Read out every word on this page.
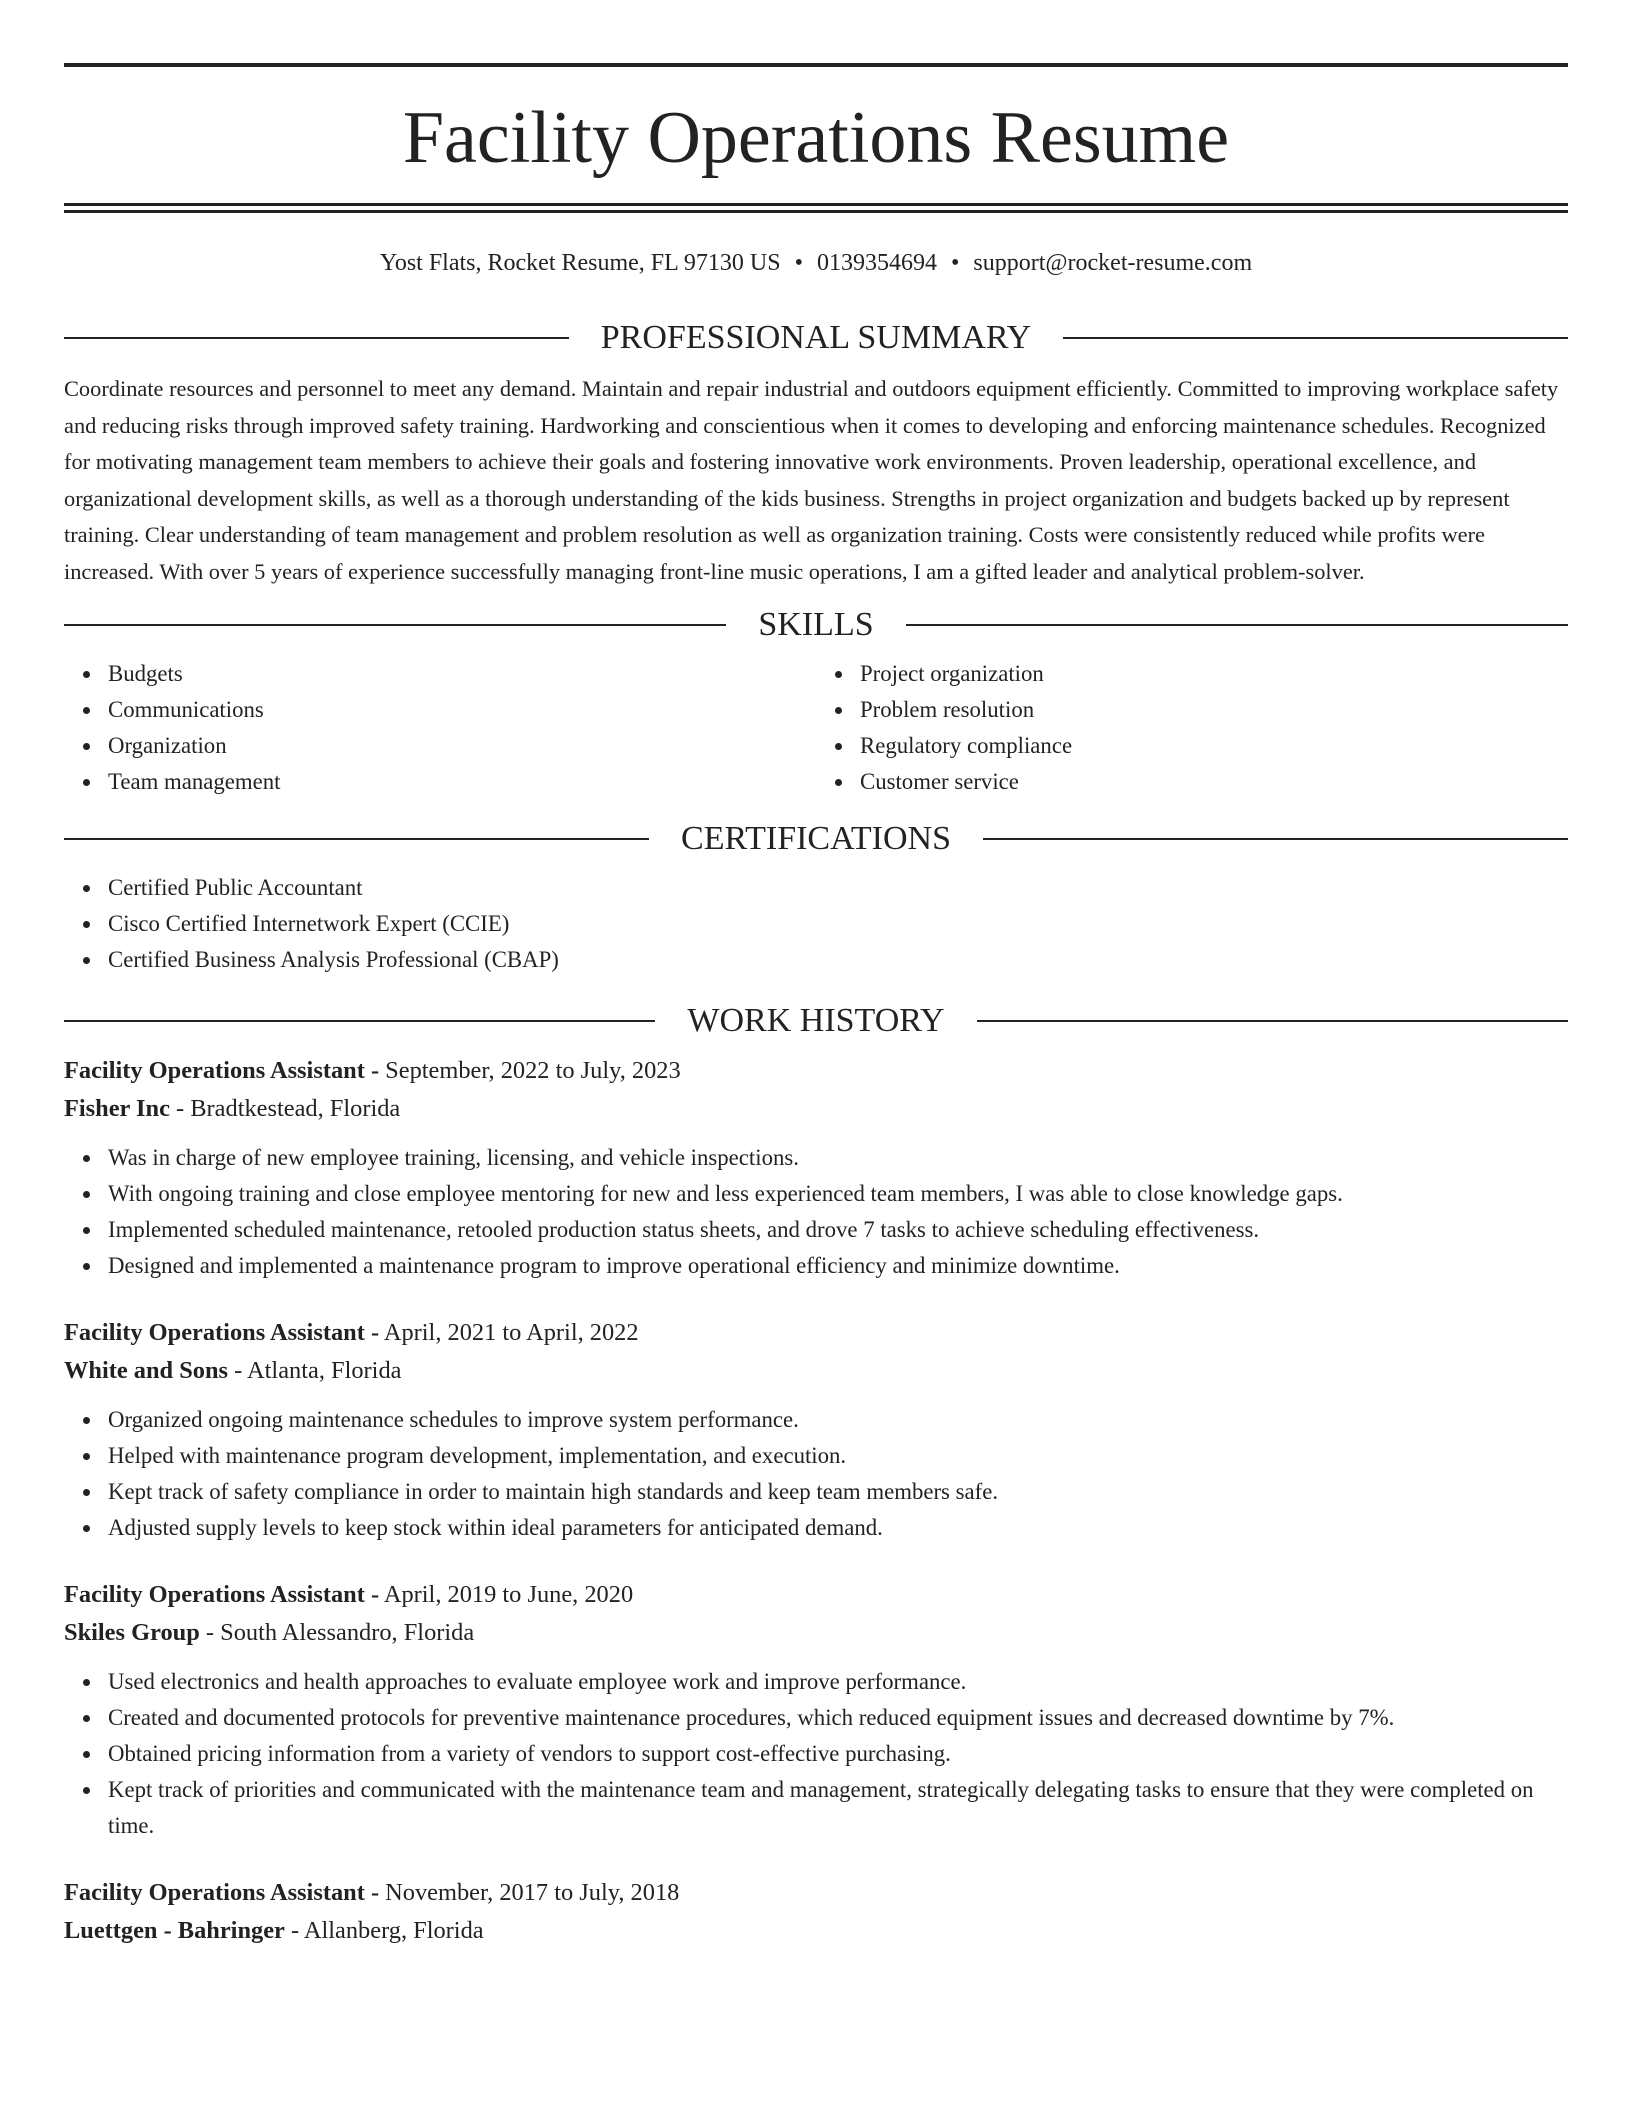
Facility Operations Resume
Yost Flats, Rocket Resume, FL 97130 US • 0139354694 • support@rocket-resume.com
PROFESSIONAL SUMMARY

Coordinate resources and personnel to meet any demand. Maintain and repair industrial and outdoors equipment efficiently. Committed to improving workplace safety and reducing risks through improved safety training. Hardworking and conscientious when it comes to developing and enforcing maintenance schedules. Recognized for motivating management team members to achieve their goals and fostering innovative work environments. Proven leadership, operational excellence, and organizational development skills, as well as a thorough understanding of the kids business. Strengths in project organization and budgets backed up by represent training. Clear understanding of team management and problem resolution as well as organization training. Costs were consistently reduced while profits were increased. With over 5 years of experience successfully managing front-line music operations, I am a gifted leader and analytical problem-solver.

SKILLS
Budgets
Communications
Organization
Team management
Project organization
Problem resolution
Regulatory compliance
Customer service
CERTIFICATIONS
Certified Public Accountant
Cisco Certified Internetwork Expert (CCIE)
Certified Business Analysis Professional (CBAP)
WORK HISTORY
Facility Operations Assistant - September, 2022 to July, 2023
Fisher Inc - Bradtkestead, Florida
Was in charge of new employee training, licensing, and vehicle inspections.
With ongoing training and close employee mentoring for new and less experienced team members, I was able to close knowledge gaps.
Implemented scheduled maintenance, retooled production status sheets, and drove 7 tasks to achieve scheduling effectiveness.
Designed and implemented a maintenance program to improve operational efficiency and minimize downtime.
Facility Operations Assistant - April, 2021 to April, 2022
White and Sons - Atlanta, Florida
Organized ongoing maintenance schedules to improve system performance.
Helped with maintenance program development, implementation, and execution.
Kept track of safety compliance in order to maintain high standards and keep team members safe.
Adjusted supply levels to keep stock within ideal parameters for anticipated demand.
Facility Operations Assistant - April, 2019 to June, 2020
Skiles Group - South Alessandro, Florida
Used electronics and health approaches to evaluate employee work and improve performance.
Created and documented protocols for preventive maintenance procedures, which reduced equipment issues and decreased downtime by 7%.
Obtained pricing information from a variety of vendors to support cost-effective purchasing.
Kept track of priorities and communicated with the maintenance team and management, strategically delegating tasks to ensure that they were completed on time.
Facility Operations Assistant - November, 2017 to July, 2018
Luettgen - Bahringer - Allanberg, Florida
